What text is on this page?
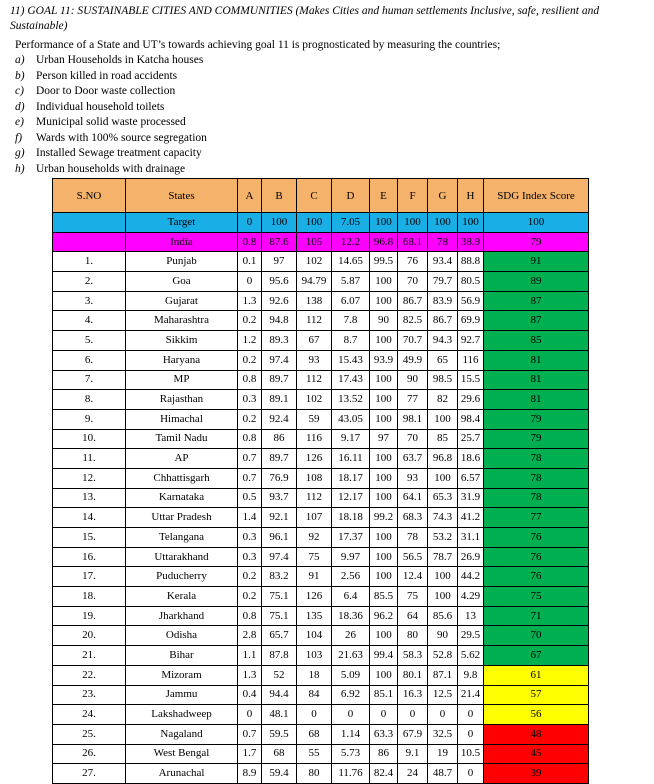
11) GOAL 11: SUSTAINABLE CITIES AND COMMUNITIES (Makes Cities and human settlements Inclusive, safe, resilient and Sustainable)
Performance of a State and UT’s towards achieving goal 11 is prognosticated by measuring the countries;
a) Urban Households in Katcha houses
b) Person killed in road accidents
c) Door to Door waste collection
d) Individual household toilets
e) Municipal solid waste processed
f) Wards with 100% source segregation
g) Installed Sewage treatment capacity
h) Urban households with drainage
S.NO	States	A	B	C	D	E	F	G	H	SDG Index Score
	Target	0	100	100	7.05	100	100	100	100	100
	India	0.8	87.6	105	12.2	96.8	68.1	78	38.9	79
1.	Punjab	0.1	97	102	14.65	99.5	76	93.4	88.8	91
2.	Goa	0	95.6	94.79	5.87	100	70	79.7	80.5	89
3.	Gujarat	1.3	92.6	138	6.07	100	86.7	83.9	56.9	87
4.	Maharashtra	0.2	94.8	112	7.8	90	82.5	86.7	69.9	87
5.	Sikkim	1.2	89.3	67	8.7	100	70.7	94.3	92.7	85
6.	Haryana	0.2	97.4	93	15.43	93.9	49.9	65	116	81
7.	MP	0.8	89.7	112	17.43	100	90	98.5	15.5	81
8.	Rajasthan	0.3	89.1	102	13.52	100	77	82	29.6	81
9.	Himachal	0.2	92.4	59	43.05	100	98.1	100	98.4	79
10.	Tamil Nadu	0.8	86	116	9.17	97	70	85	25.7	79
11.	AP	0.7	89.7	126	16.11	100	63.7	96.8	18.6	78
12.	Chhattisgarh	0.7	76.9	108	18.17	100	93	100	6.57	78
13.	Karnataka	0.5	93.7	112	12.17	100	64.1	65.3	31.9	78
14.	Uttar Pradesh	1.4	92.1	107	18.18	99.2	68.3	74.3	41.2	77
15.	Telangana	0.3	96.1	92	17.37	100	78	53.2	31.1	76
16.	Uttarakhand	0.3	97.4	75	9.97	100	56.5	78.7	26.9	76
17.	Puducherry	0.2	83.2	91	2.56	100	12.4	100	44.2	76
18.	Kerala	0.2	75.1	126	6.4	85.5	75	100	4.29	75
19.	Jharkhand	0.8	75.1	135	18.36	96.2	64	85.6	13	71
20.	Odisha	2.8	65.7	104	26	100	80	90	29.5	70
21.	Bihar	1.1	87.8	103	21.63	99.4	58.3	52.8	5.62	67
22.	Mizoram	1.3	52	18	5.09	100	80.1	87.1	9.8	61
23.	Jammu	0.4	94.4	84	6.92	85.1	16.3	12.5	21.4	57
24.	Lakshadweep	0	48.1	0	0	0	0	0	0	56
25.	Nagaland	0.7	59.5	68	1.14	63.3	67.9	32.5	0	48
26.	West Bengal	1.7	68	55	5.73	86	9.1	19	10.5	45
27.	Arunachal	8.9	59.4	80	11.76	82.4	24	48.7	0	39
